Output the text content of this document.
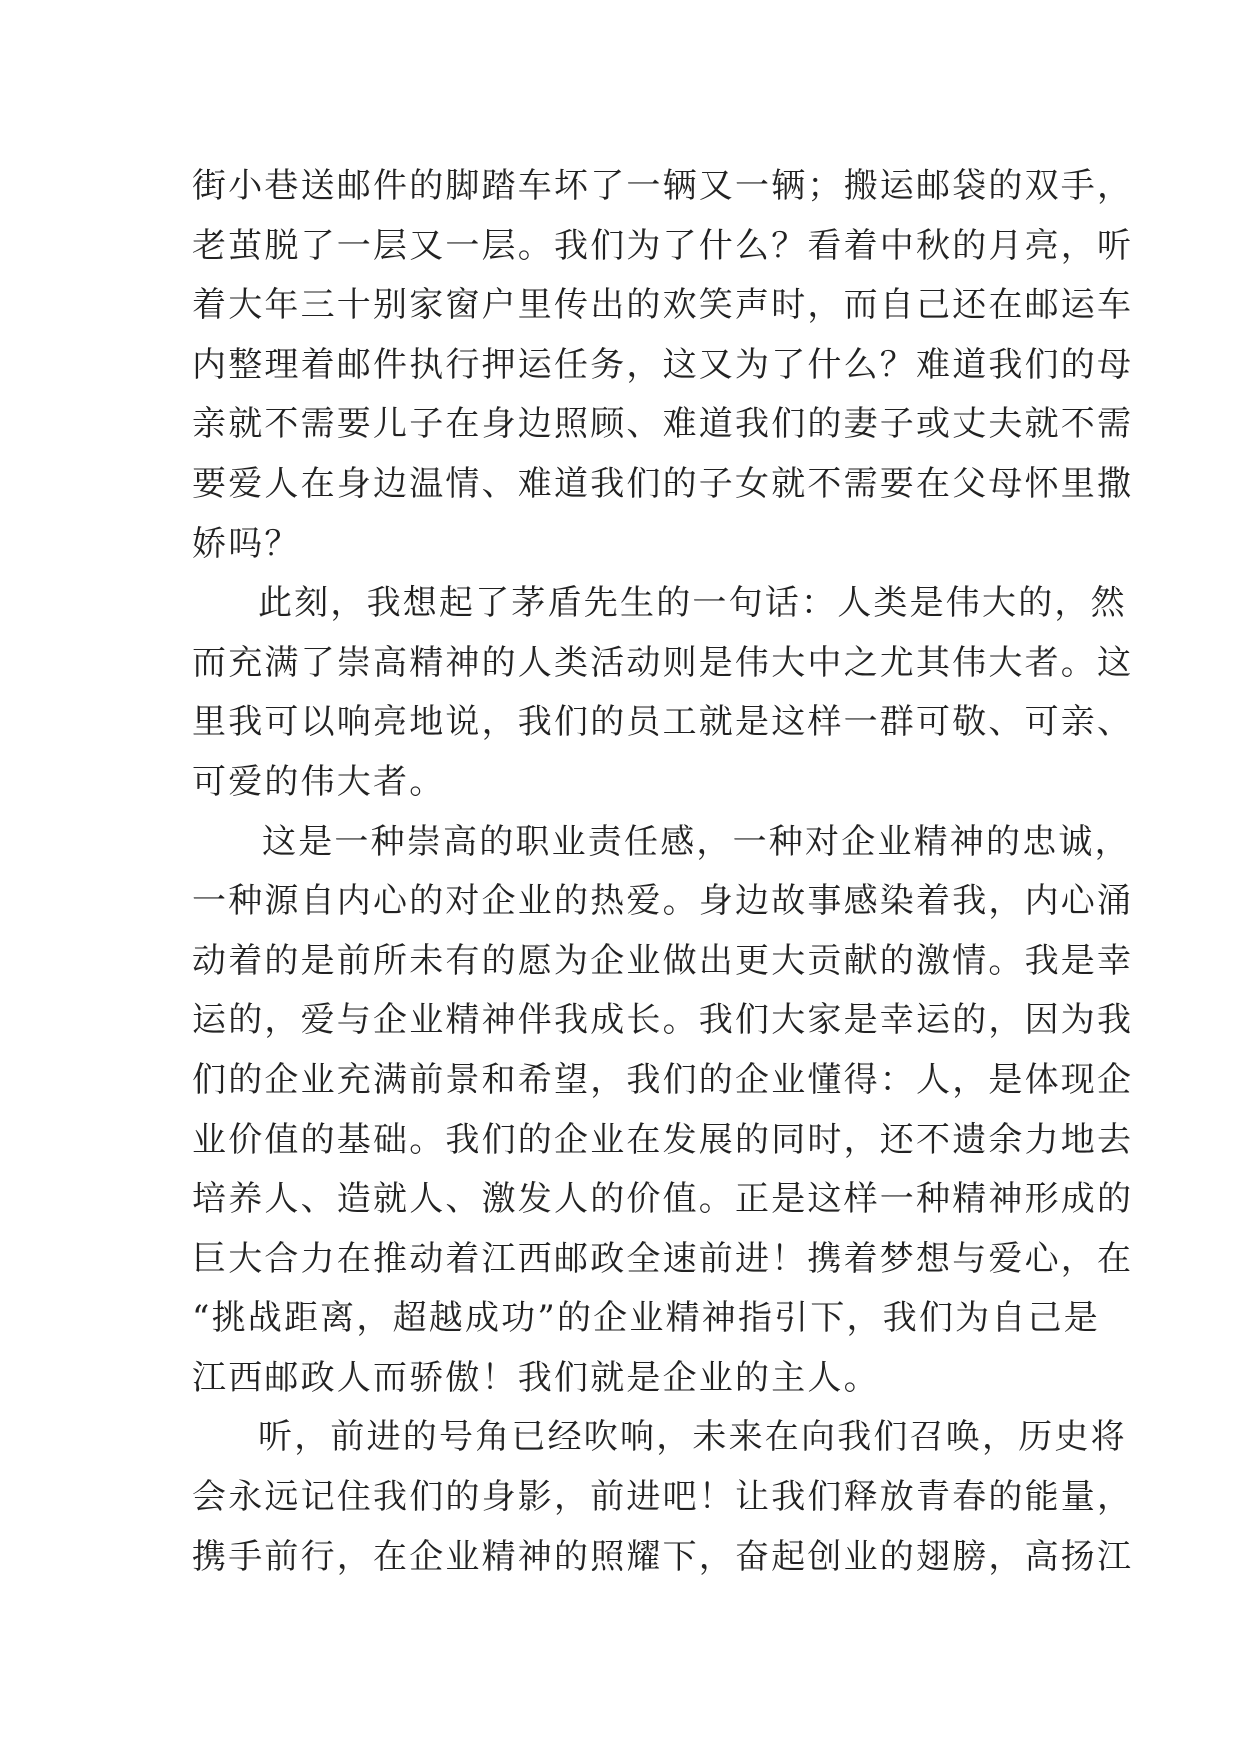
街小巷送邮件的脚踏车坏了一辆又一辆；搬运邮袋的双手，
老茧脱了一层又一层。我们为了什么？看着中秋的月亮，听
着大年三十别家窗户里传出的欢笑声时，而自己还在邮运车
内整理着邮件执行押运任务，这又为了什么？难道我们的母
亲就不需要儿子在身边照顾、难道我们的妻子或丈夫就不需
要爱人在身边温情、难道我们的子女就不需要在父母怀里撒
娇吗？
此刻，我想起了茅盾先生的一句话：人类是伟大的，然
而充满了崇高精神的人类活动则是伟大中之尤其伟大者。这
里我可以响亮地说，我们的员工就是这样一群可敬、可亲、
可爱的伟大者。
这是一种崇高的职业责任感，一种对企业精神的忠诚，
一种源自内心的对企业的热爱。身边故事感染着我，内心涌
动着的是前所未有的愿为企业做出更大贡献的激情。我是幸
运的，爱与企业精神伴我成长。我们大家是幸运的，因为我
们的企业充满前景和希望，我们的企业懂得：人，是体现企
业价值的基础。我们的企业在发展的同时，还不遗余力地去
培养人、造就人、激发人的价值。正是这样一种精神形成的
巨大合力在推动着江西邮政全速前进！携着梦想与爱心，在
“挑战距离，超越成功”的企业精神指引下，我们为自己是
江西邮政人而骄傲！我们就是企业的主人。
听，前进的号角已经吹响，未来在向我们召唤，历史将
会永远记住我们的身影，前进吧！让我们释放青春的能量，
携手前行，在企业精神的照耀下，奋起创业的翅膀，高扬江
